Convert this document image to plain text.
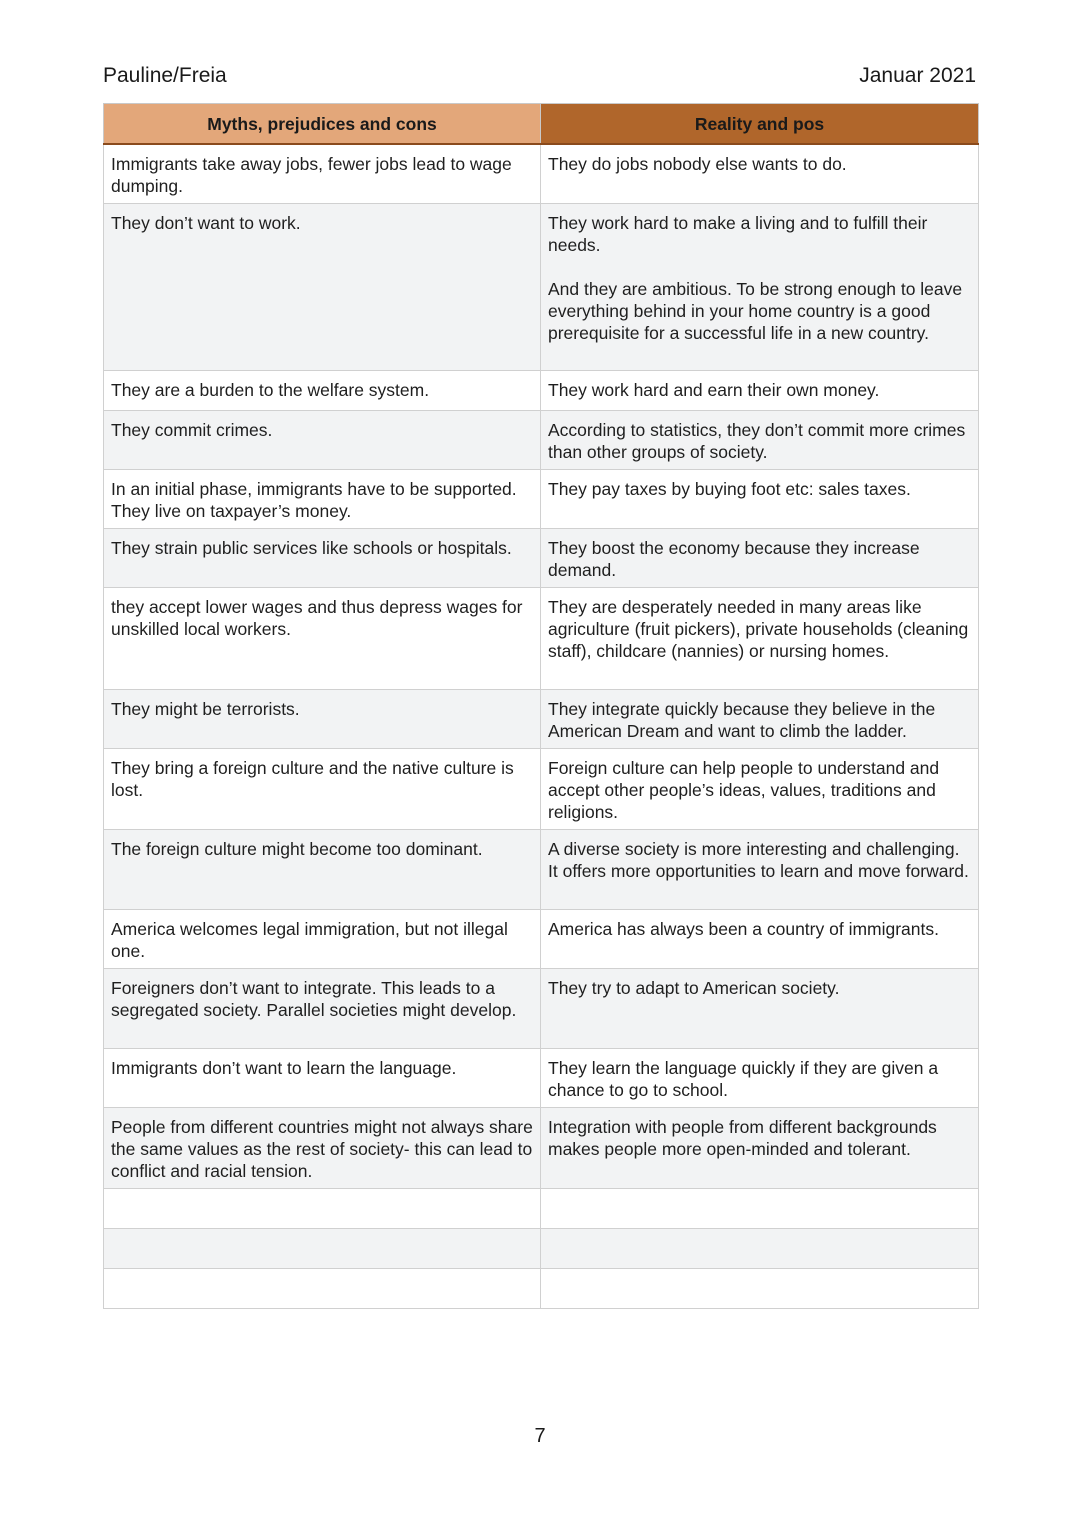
Pauline/Freia	Januar 2021
Myths, prejudices and cons	Reality and pos
Immigrants take away jobs, fewer jobs lead to wage dumping.	They do jobs nobody else wants to do.
They don’t want to work.	They work hard to make a living and to fulfill their needs.
And they are ambitious. To be strong enough to leave everything behind in your home country is a good prerequisite for a successful life in a new country.

They are a burden to the welfare system.	They work hard and earn their own money.
They commit crimes.	According to statistics, they don’t commit more crimes than other groups of society.
In an initial phase, immigrants have to be supported. They live on taxpayer’s money.	They pay taxes by buying foot etc: sales taxes.
They strain public services like schools or hospitals.	They boost the economy because they increase demand.
they accept lower wages and thus depress wages for unskilled local workers.	They are desperately needed in many areas like agriculture (fruit pickers), private households (cleaning staff), childcare (nannies) or nursing homes.
They might be terrorists.	They integrate quickly because they believe in the American Dream and want to climb the ladder.
They bring a foreign culture and the native culture is lost.	Foreign culture can help people to understand and accept other people’s ideas, values, traditions and religions.
The foreign culture might become too dominant.	A diverse society is more interesting and challenging. It offers more opportunities to learn and move forward.
America welcomes legal immigration, but not illegal one.	America has always been a country of immigrants.
Foreigners don’t want to integrate. This leads to a segregated society. Parallel societies might develop.	They try to adapt to American society.
Immigrants don’t want to learn the language.	They learn the language quickly if they are given a chance to go to school.
People from different countries might not always share the same values as the rest of society- this can lead to conflict and racial tension.	Integration with people from different backgrounds makes people more open-minded and tolerant.

7
